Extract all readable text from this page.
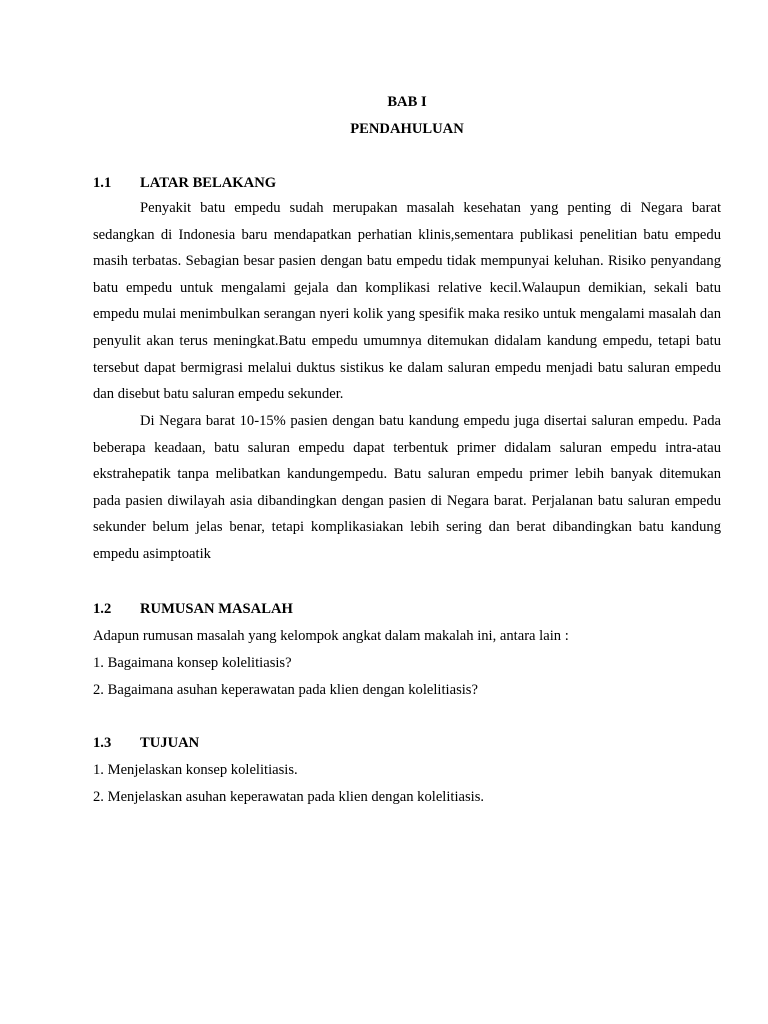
BAB I
PENDAHULUAN
1.1 LATAR BELAKANG

Penyakit batu empedu sudah merupakan masalah kesehatan yang penting di Negara barat sedangkan di Indonesia baru mendapatkan perhatian klinis,sementara publikasi penelitian batu empedu masih terbatas. Sebagian besar pasien dengan batu empedu tidak mempunyai keluhan. Risiko penyandang batu empedu untuk mengalami gejala dan komplikasi relative kecil.Walaupun demikian, sekali batu empedu mulai menimbulkan serangan nyeri kolik yang spesifik maka resiko untuk mengalami masalah dan penyulit akan terus meningkat.Batu empedu umumnya ditemukan didalam kandung empedu, tetapi batu tersebut dapat bermigrasi melalui duktus sistikus ke dalam saluran empedu menjadi batu saluran empedu dan disebut batu saluran empedu sekunder.

Di Negara barat 10-15% pasien dengan batu kandung empedu juga disertai saluran empedu. Pada beberapa keadaan, batu saluran empedu dapat terbentuk primer didalam saluran empedu intra-atau ekstrahepatik tanpa melibatkan kandungempedu. Batu saluran empedu primer lebih banyak ditemukan pada pasien diwilayah asia dibandingkan dengan pasien di Negara barat. Perjalanan batu saluran empedu sekunder belum jelas benar, tetapi komplikasiakan lebih sering dan berat dibandingkan batu kandung empedu asimptoatik

1.2 RUMUSAN MASALAH
Adapun rumusan masalah yang kelompok angkat dalam makalah ini, antara lain :
1. Bagaimana konsep kolelitiasis?
2. Bagaimana asuhan keperawatan pada klien dengan kolelitiasis?
1.3 TUJUAN
1. Menjelaskan konsep kolelitiasis.
2. Menjelaskan asuhan keperawatan pada klien dengan kolelitiasis.
